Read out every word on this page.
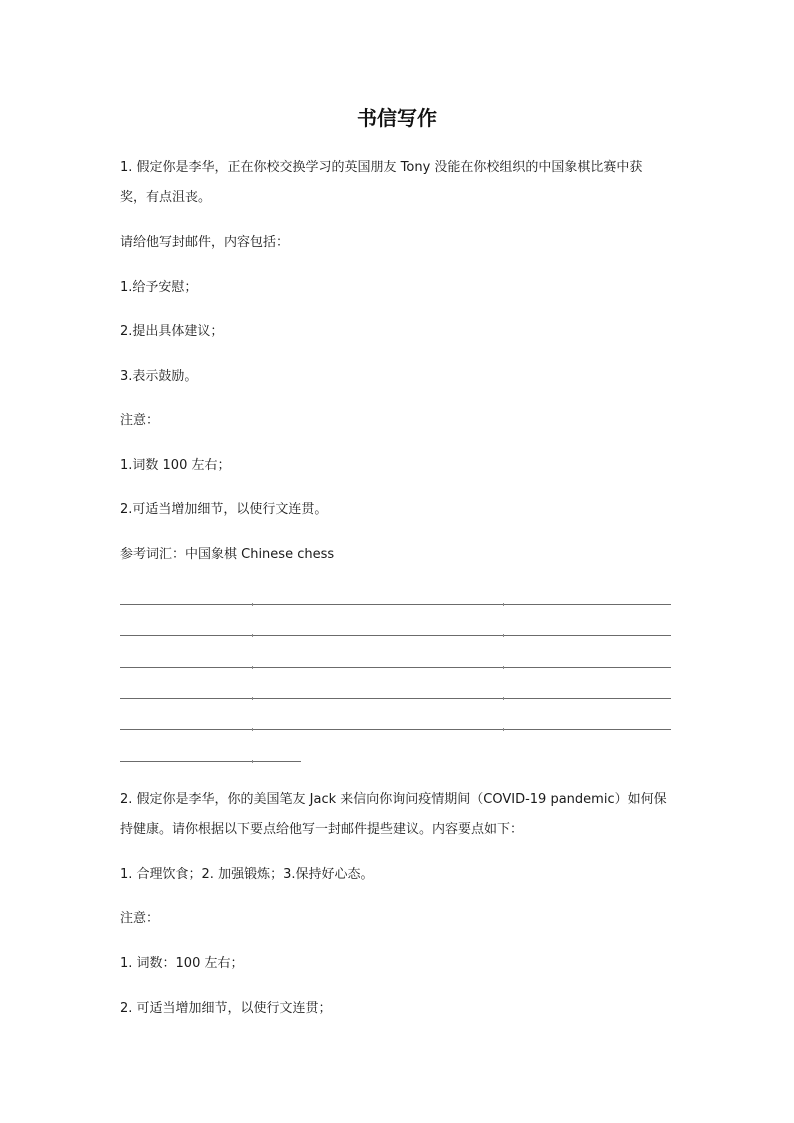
书信写作
1. 假定你是李华，正在你校交换学习的英国朋友 Tony 没能在你校组织的中国象棋比赛中获
奖，有点沮丧。
请给他写封邮件，内容包括：
1.给予安慰；
2.提出具体建议；
3.表示鼓励。
注意：
1.词数 100 左右；
2.可适当增加细节，以使行文连贯。
参考词汇：中国象棋 Chinese chess
2. 假定你是李华，你的美国笔友 Jack 来信向你询问疫情期间（COVID-19 pandemic）如何保
持健康。请你根据以下要点给他写一封邮件提些建议。内容要点如下：
1. 合理饮食；2. 加强锻炼；3.保持好心态。
注意：
1. 词数：100 左右；
2. 可适当增加细节，以使行文连贯；
